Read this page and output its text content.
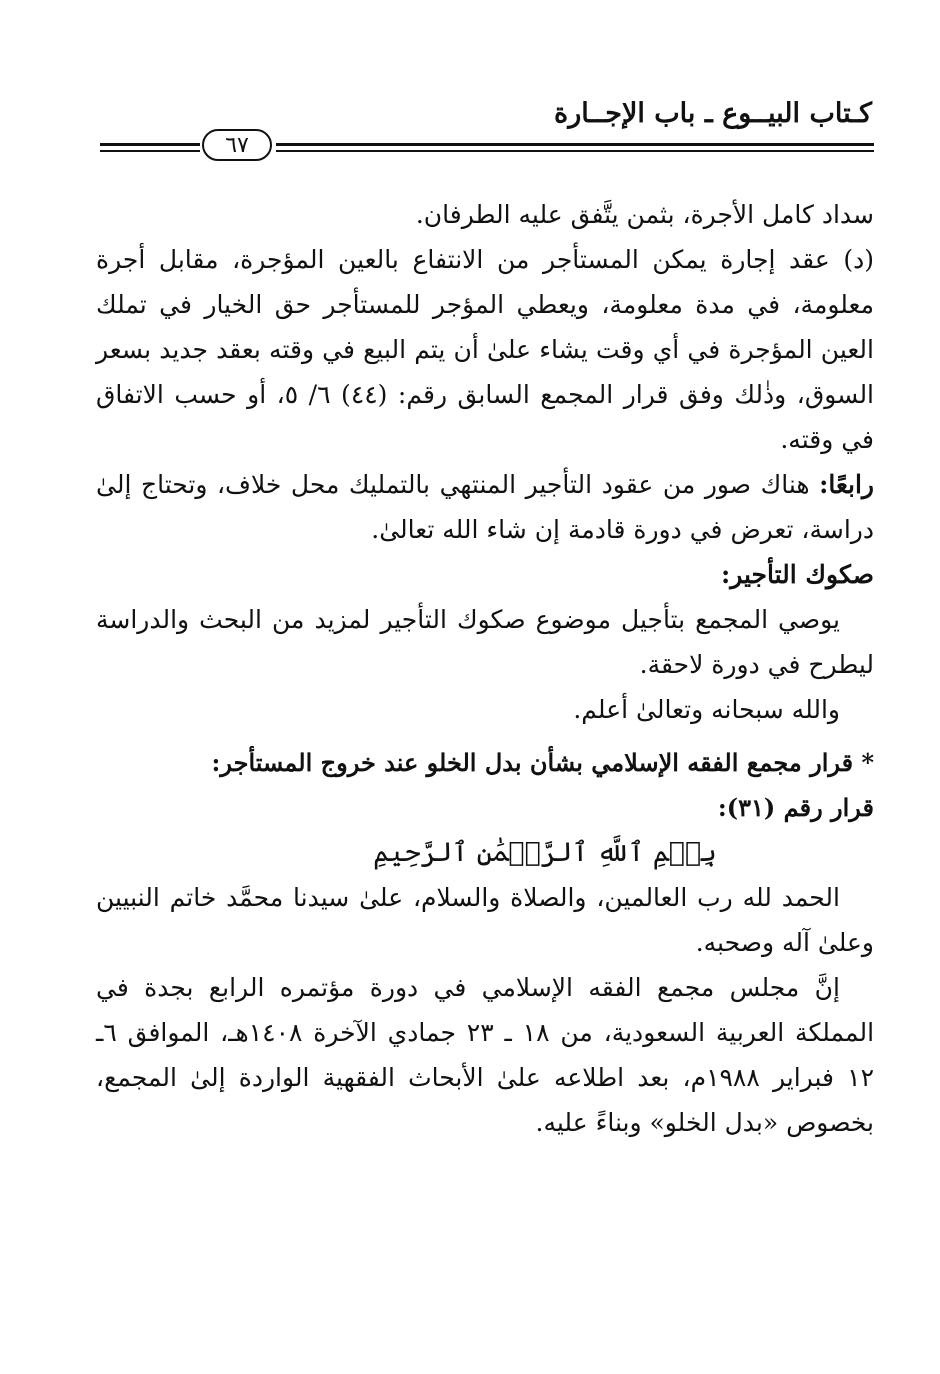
كـتاب البيــوع ـ باب الإجــارة
٦٧

سداد كامل الأجرة، بثمن يتَّفق عليه الطرفان.

(د) عقد إجارة يمكن المستأجر من الانتفاع بالعين المؤجرة، مقابل أجرة معلومة، في مدة معلومة، ويعطي المؤجر للمستأجر حق الخيار في تملك العين المؤجرة في أي وقت يشاء علىٰ أن يتم البيع في وقته بعقد جديد بسعر السوق، وذٰلك وفق قرار المجمع السابق رقم: (٤٤) ٦/ ٥، أو حسب الاتفاق في وقته.

رابعًا: هناك صور من عقود التأجير المنتهي بالتمليك محل خلاف، وتحتاج إلىٰ دراسة، تعرض في دورة قادمة إن شاء الله تعالىٰ.

صكوك التأجير:

يوصي المجمع بتأجيل موضوع صكوك التأجير لمزيد من البحث والدراسة ليطرح في دورة لاحقة.

والله سبحانه وتعالىٰ أعلم.

* قرار مجمع الفقه الإسلامي بشأن بدل الخلو عند خروج المستأجر:

قرار رقم (٣١):

بِسۡمِ ٱللَّهِ ٱلرَّحۡمَٰنِ ٱلرَّحِيمِ

الحمد لله رب العالمين، والصلاة والسلام، علىٰ سيدنا محمَّد خاتم النبيين وعلىٰ آله وصحبه.

إنَّ مجلس مجمع الفقه الإسلامي في دورة مؤتمره الرابع بجدة في المملكة العربية السعودية، من ١٨ ـ ٢٣ جمادي الآخرة ١٤٠٨هـ، الموافق ٦ـ ١٢ فبراير ١٩٨٨م، بعد اطلاعه علىٰ الأبحاث الفقهية الواردة إلىٰ المجمع، بخصوص «بدل الخلو» وبناءً عليه.
